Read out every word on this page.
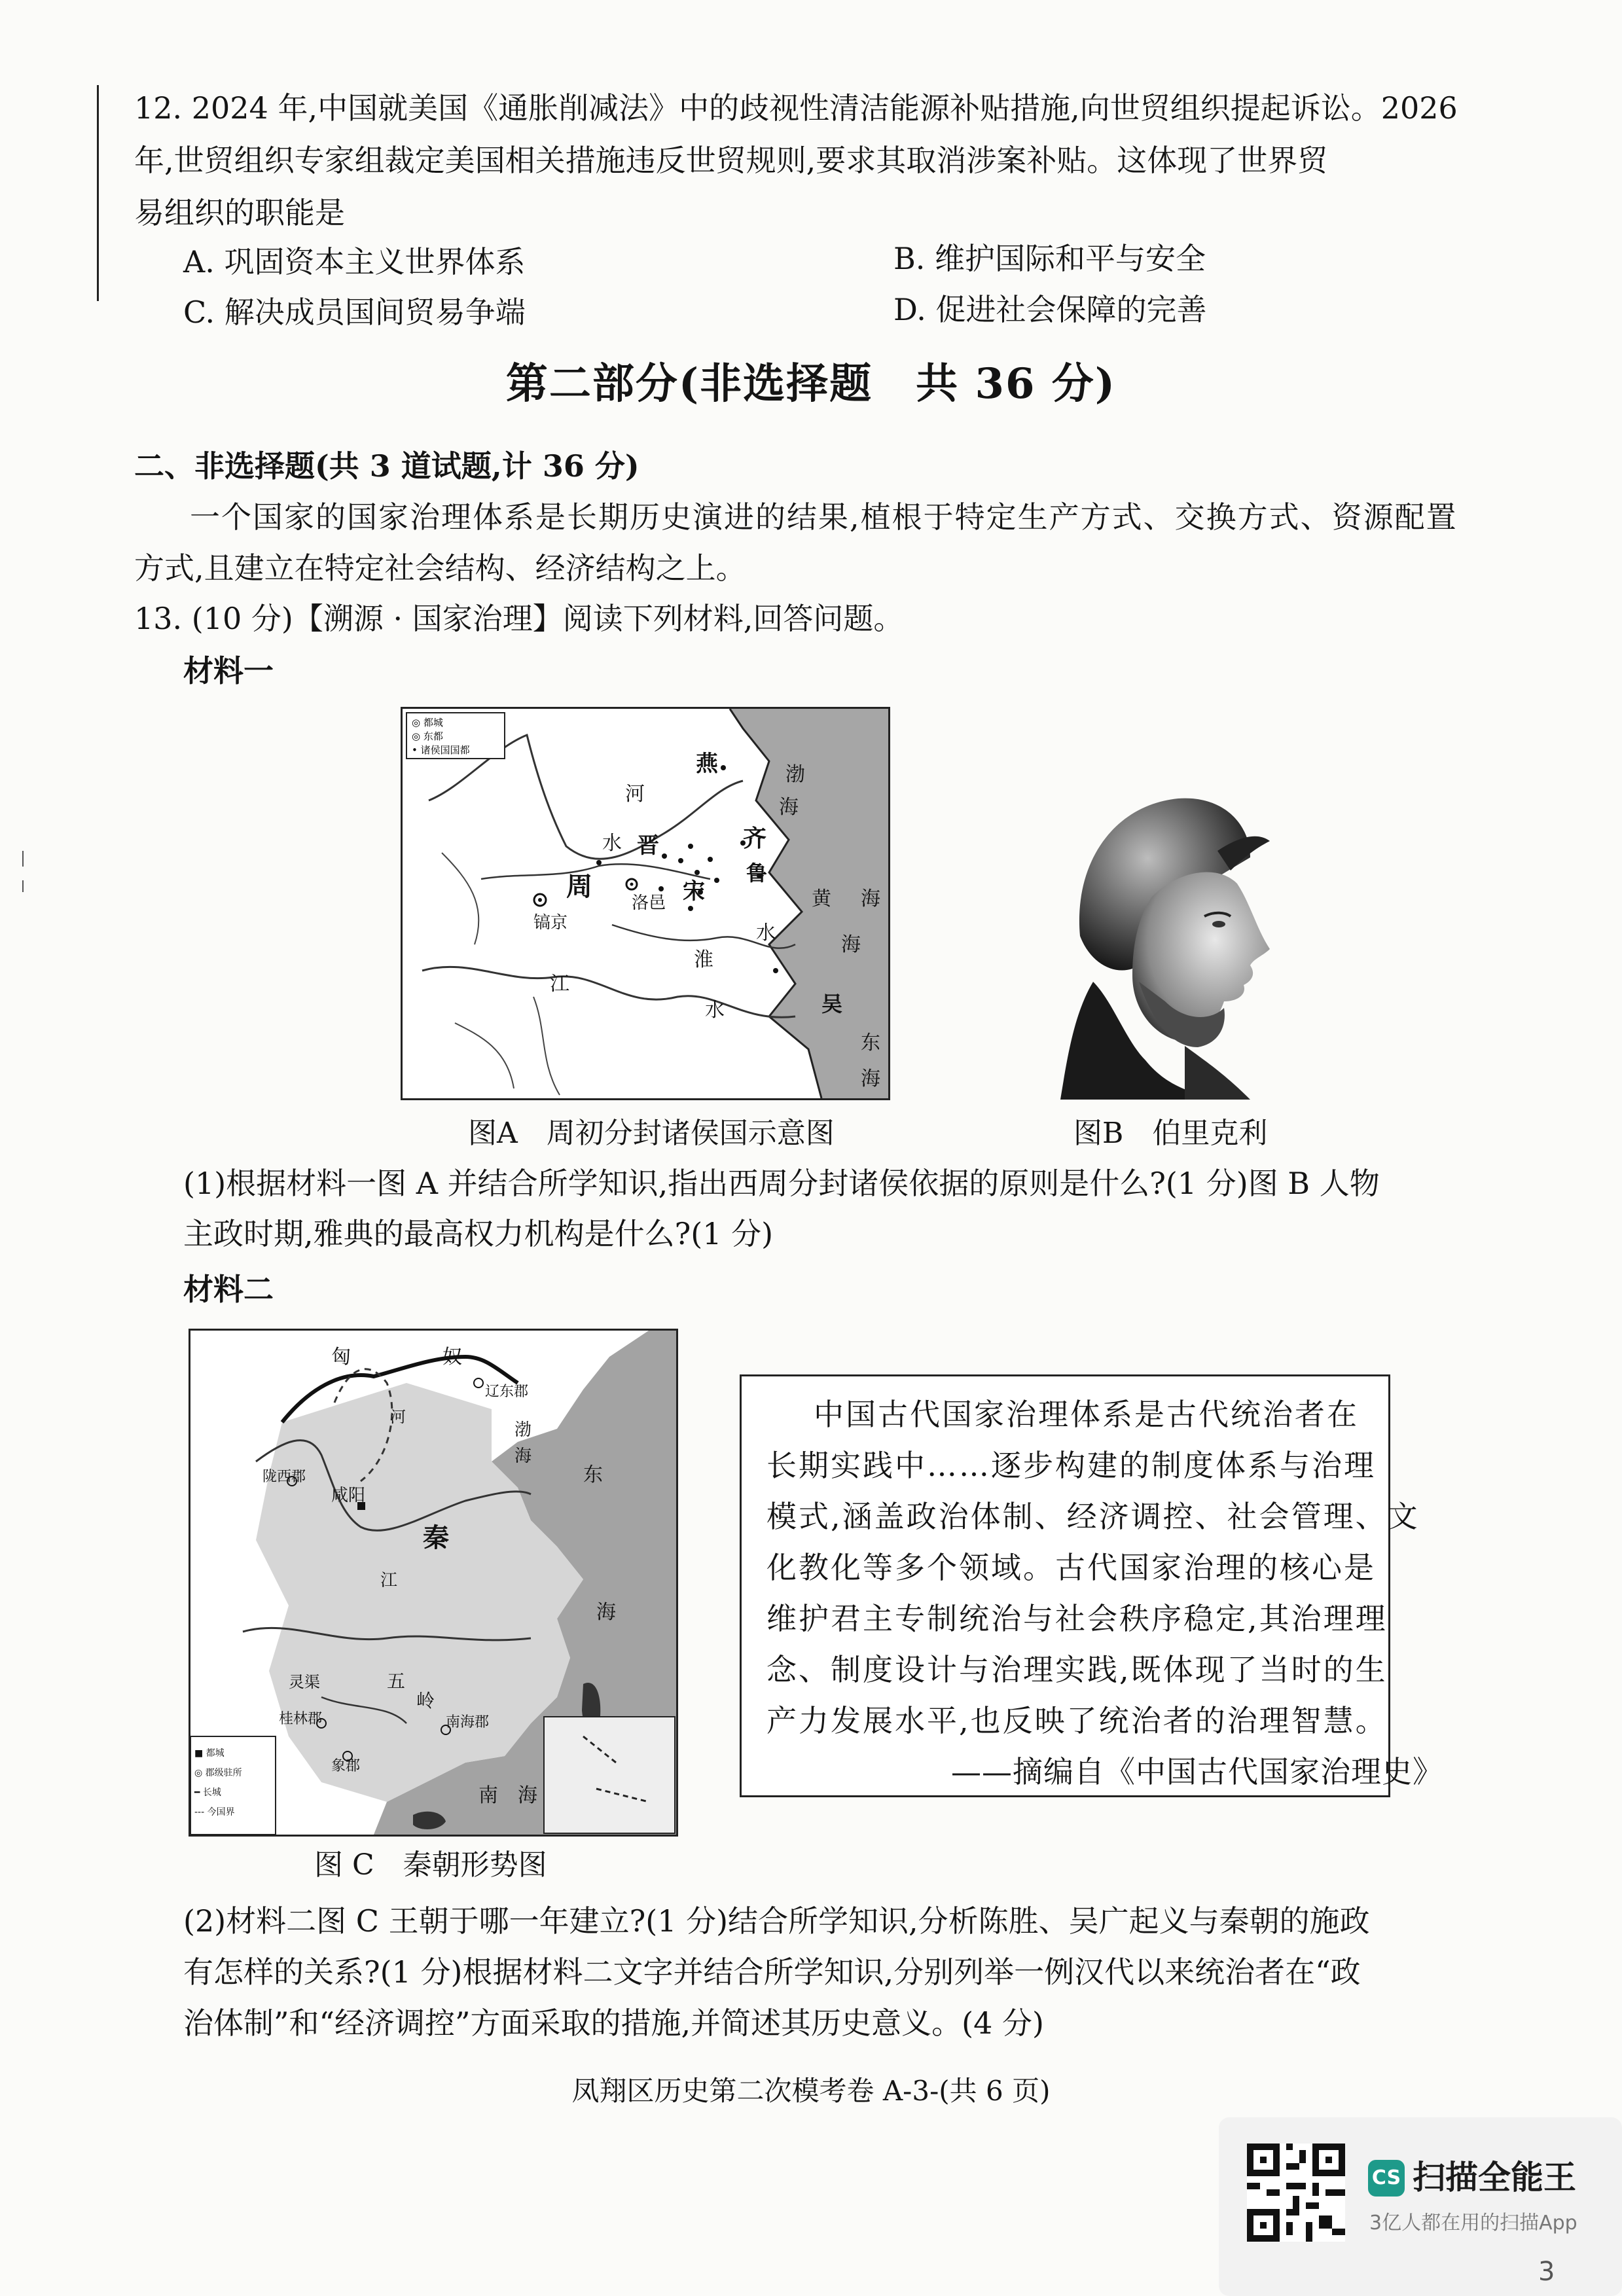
12. 2024 年,中国就美国《通胀削减法》中的歧视性清洁能源补贴措施,向世贸组织提起诉讼。2026
年,世贸组织专家组裁定美国相关措施违反世贸规则,要求其取消涉案补贴。这体现了世界贸
易组织的职能是
A. 巩固资本主义世界体系	B. 维护国际和平与安全
C. 解决成员国间贸易争端	D. 促进社会保障的完善
第二部分(非选择题　共 36 分)
二、非选择题(共 3 道试题,计 36 分)
一个国家的国家治理体系是长期历史演进的结果,植根于特定生产方式、交换方式、资源配置
方式,且建立在特定社会结构、经济结构之上。
13. (10 分)【溯源 · 国家治理】阅读下列材料,回答问题。
材料一
◎ 都城
◎ 东都
• 诸侯国国都
河
水 晋
燕	渤
海
齐
鲁
周	宋
洛邑
镐京
江
淮
水
水
黄 海
海
吴
东
海
图A　周初分封诸侯国示意图	图B　伯里克利
(1)根据材料一图 A 并结合所学知识,指出西周分封诸侯依据的原则是什么?(1 分)图 B 人物
主政时期,雅典的最高权力机构是什么?(1 分)
材料二
■ 都城
◎ 郡级驻所
━ 长城
--- 今国界
匈	奴
辽东郡
渤
海
陇西郡
咸阳
秦
东
海
江
灵渠	五
岭
桂林郡
象郡
南海郡
南 海
河
图 C　秦朝形势图
中国古代国家治理体系是古代统治者在
长期实践中……逐步构建的制度体系与治理
模式,涵盖政治体制、经济调控、社会管理、文
化教化等多个领域。古代国家治理的核心是
维护君主专制统治与社会秩序稳定,其治理理
念、制度设计与治理实践,既体现了当时的生
产力发展水平,也反映了统治者的治理智慧。
——摘编自《中国古代国家治理史》
(2)材料二图 C 王朝于哪一年建立?(1 分)结合所学知识,分析陈胜、吴广起义与秦朝的施政
有怎样的关系?(1 分)根据材料二文字并结合所学知识,分别列举一例汉代以来统治者在“政
治体制”和“经济调控”方面采取的措施,并简述其历史意义。(4 分)
凤翔区历史第二次模考卷 A-3-(共 6 页)
CS 扫描全能王
3亿人都在用的扫描App
3
